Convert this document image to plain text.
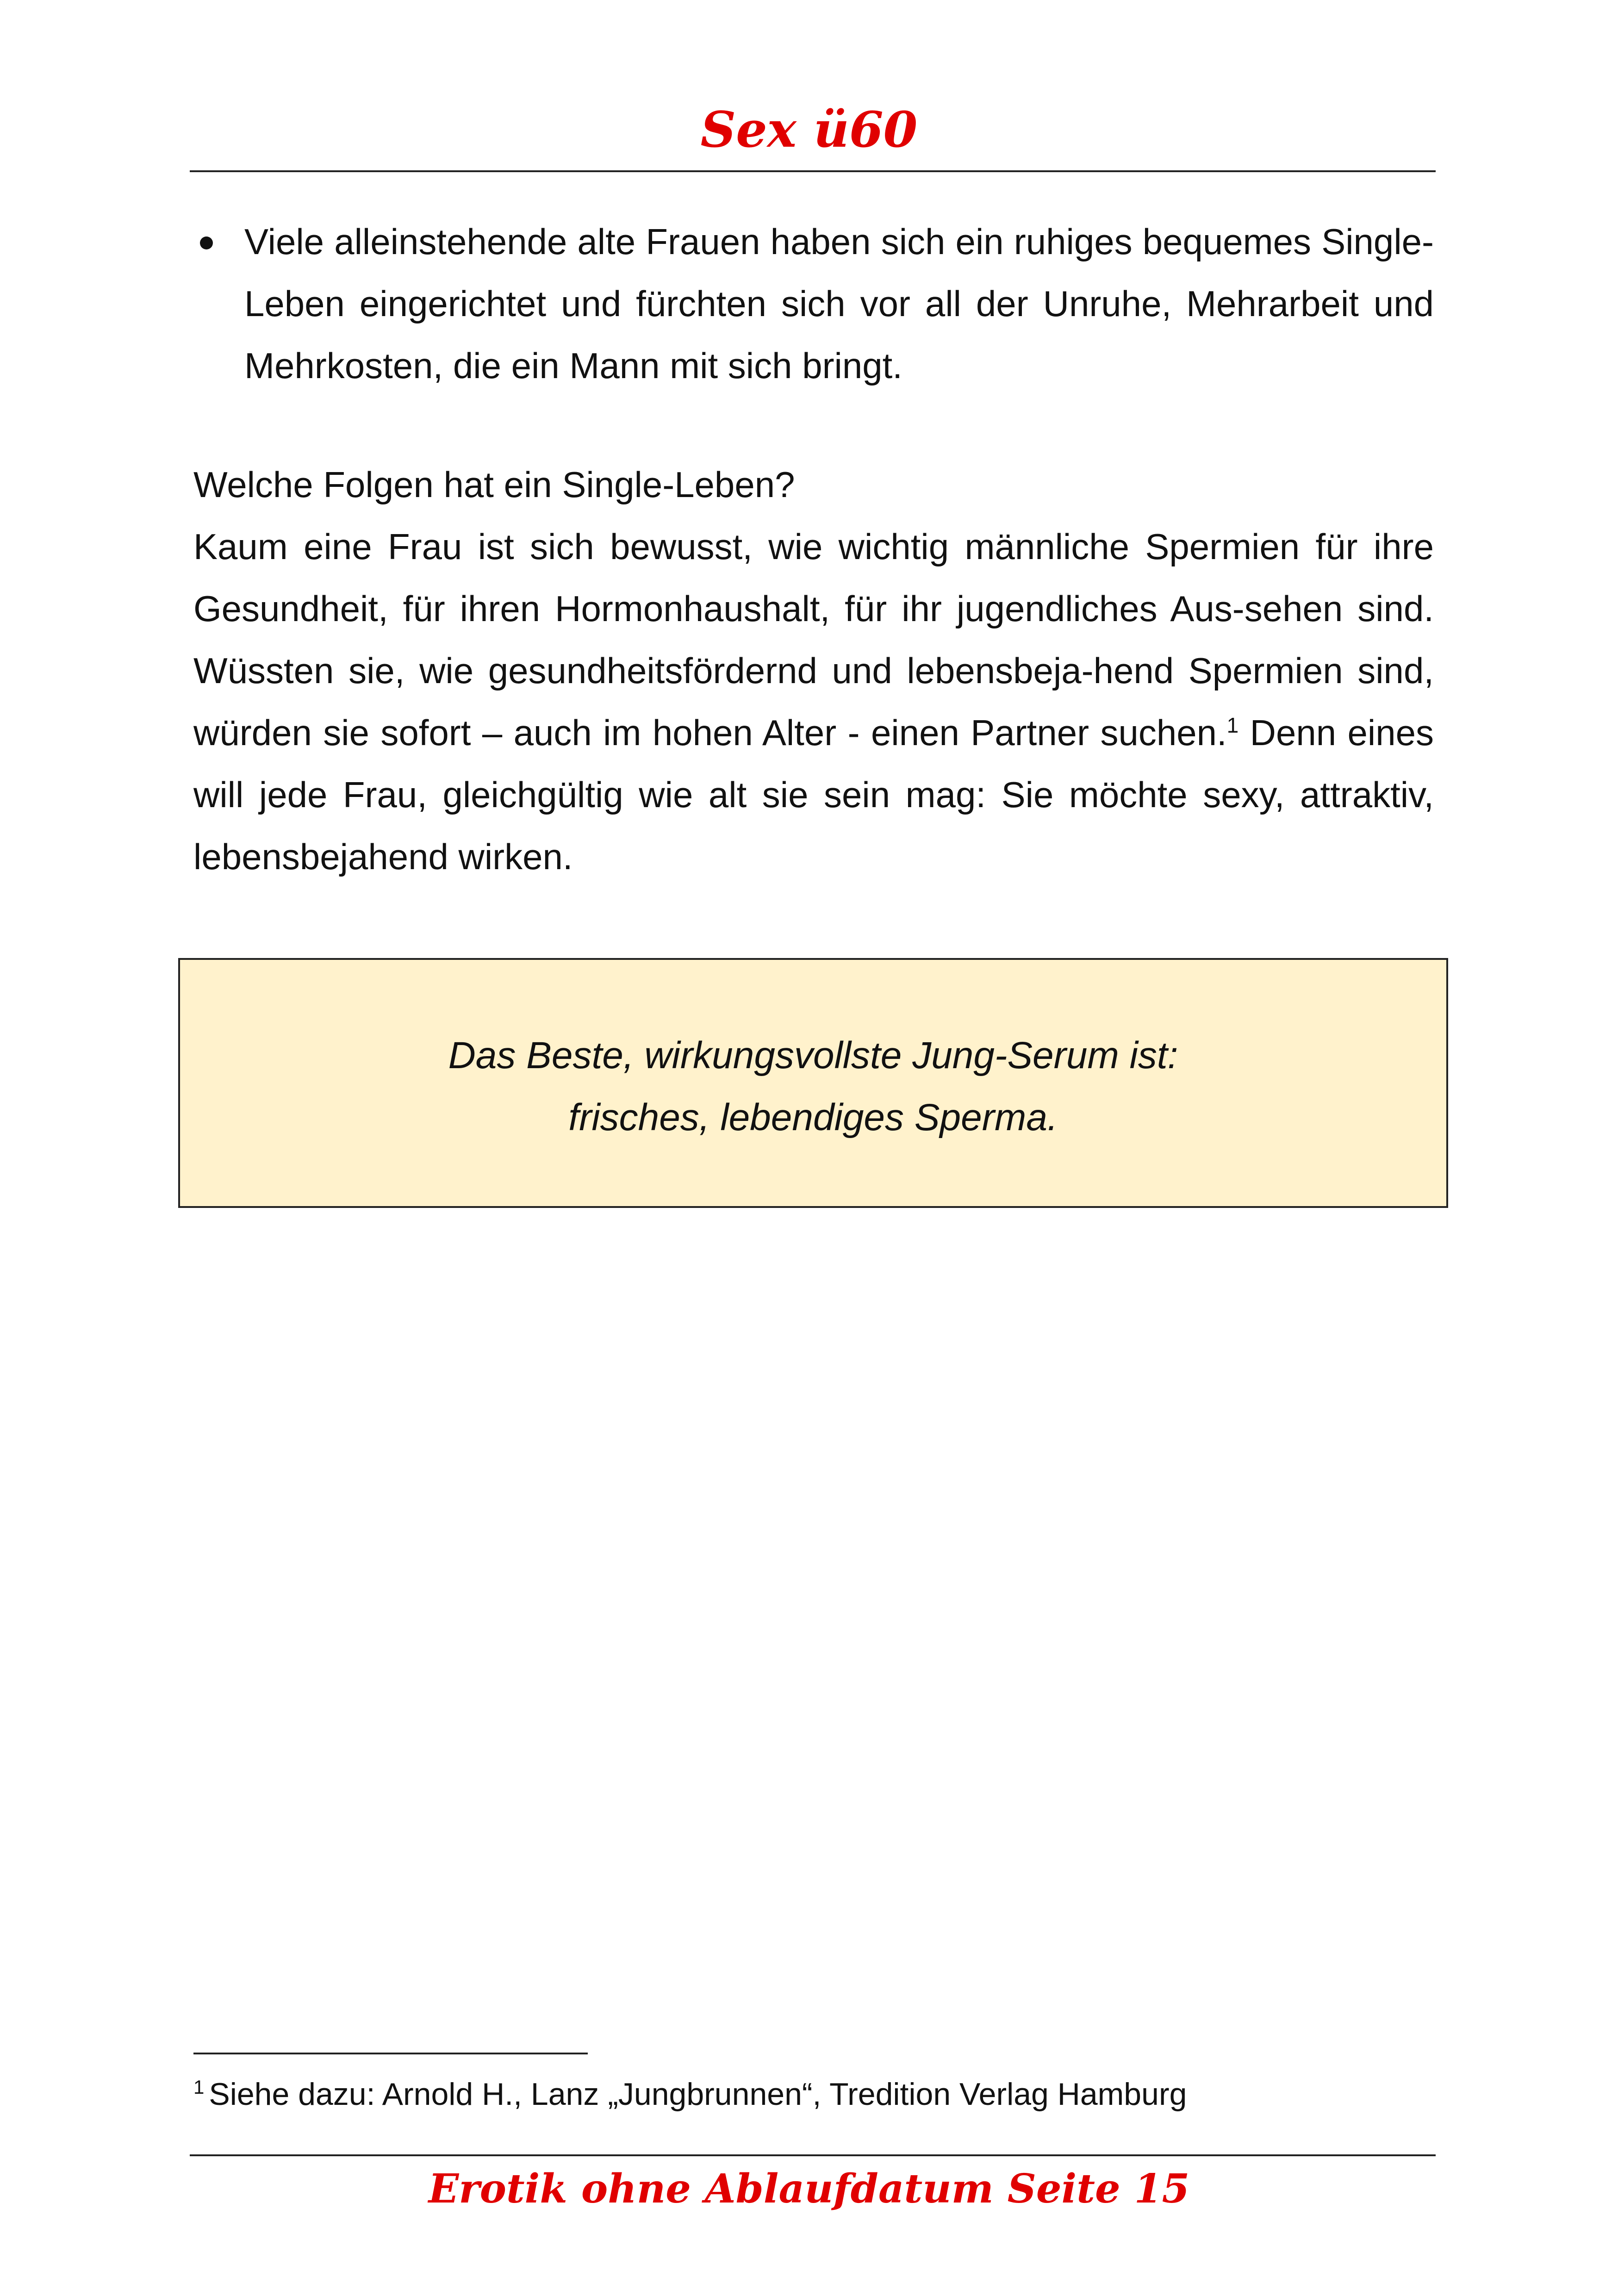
Sex ü60
Viele alleinstehende alte Frauen haben sich ein ruhiges bequemes Single-Leben eingerichtet und fürchten sich vor all der Unruhe, Mehrarbeit und Mehrkosten, die ein Mann mit sich bringt.
Welche Folgen hat ein Single-Leben?
Kaum eine Frau ist sich bewusst, wie wichtig männliche Spermien für ihre Gesundheit, für ihren Hormonhaushalt, für ihr jugendliches Aus-sehen sind. Wüssten sie, wie gesundheitsfördernd und lebensbeja-hend Spermien sind, würden sie sofort – auch im hohen Alter - einen Partner suchen.$^1$ Denn eines will jede Frau, gleichgültig wie alt sie sein mag: Sie möchte sexy, attraktiv, lebensbejahend wirken.
Das Beste, wirkungsvollste Jung-Serum ist:
frisches, lebendiges Sperma.
$^1$ Siehe dazu: Arnold H., Lanz „Jungbrunnen“, Tredition Verlag Hamburg
Erotik ohne Ablaufdatum Seite 15
